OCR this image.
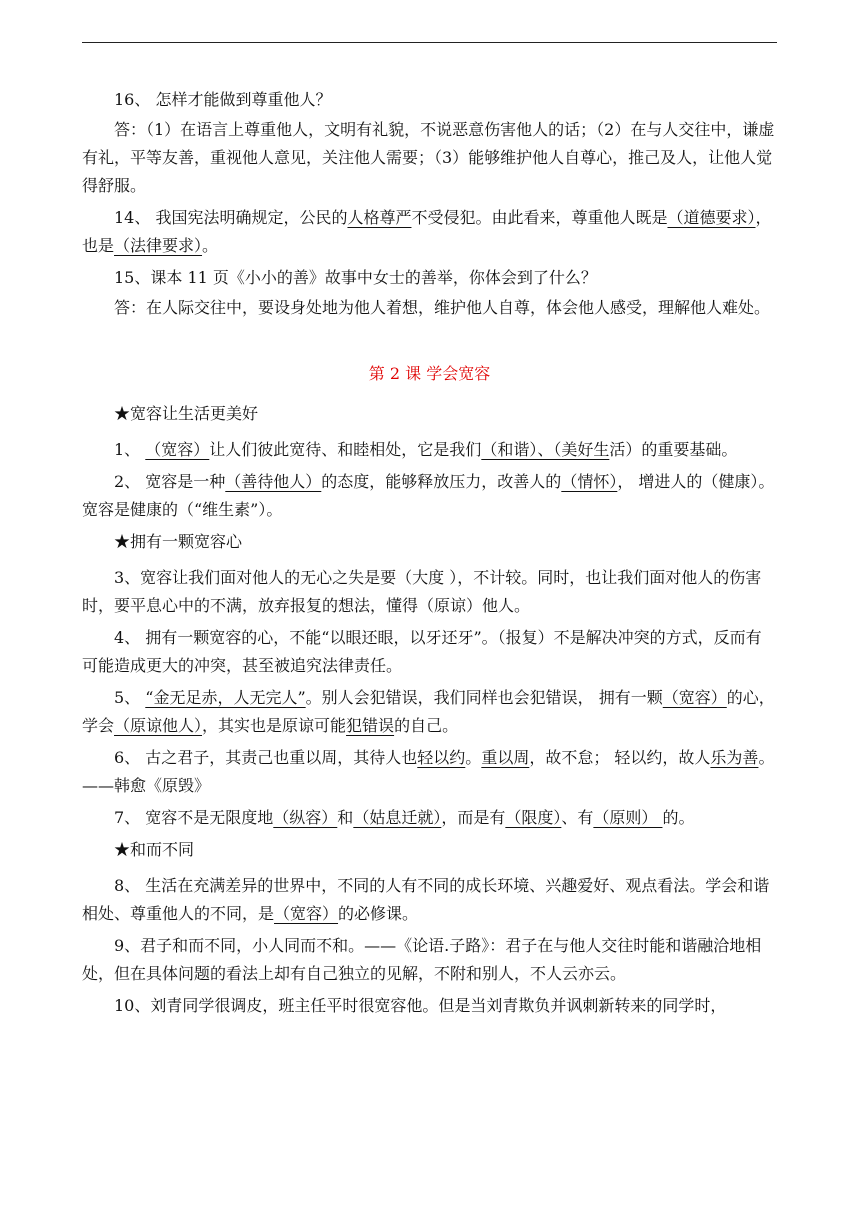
16、 怎样才能做到尊重他人？

答：（1）在语言上尊重他人，文明有礼貌，不说恶意伤害他人的话；（2）在与人交往中，谦虚有礼，平等友善，重视他人意见，关注他人需要；（3）能够维护他人自尊心，推己及人，让他人觉得舒服。

14、 我国宪法明确规定，公民的人格尊严不受侵犯。由此看来，尊重他人既是（道德要求），也是（法律要求）。

15、课本 11 页《小小的善》故事中女士的善举，你体会到了什么？

答：在人际交往中，要设身处地为他人着想，维护他人自尊，体会他人感受，理解他人难处。

第 2 课 学会宽容

★宽容让生活更美好

1、 （宽容）让人们彼此宽待、和睦相处，它是我们（和谐）、（美好生活）的重要基础。

2、 宽容是一种（善待他人）的态度，能够释放压力，改善人的（情怀）， 增进人的（健康）。宽容是健康的（“维生素”）。

★拥有一颗宽容心

3、宽容让我们面对他人的无心之失是要（大度 ），不计较。同时，也让我们面对他人的伤害时，要平息心中的不满，放弃报复的想法，懂得（原谅）他人。

4、 拥有一颗宽容的心，不能“以眼还眼，以牙还牙”。（报复）不是解决冲突的方式，反而有可能造成更大的冲突，甚至被追究法律责任。

5、 “金无足赤，人无完人”。别人会犯错误，我们同样也会犯错误， 拥有一颗（宽容）的心，学会（原谅他人），其实也是原谅可能犯错误的自己。

6、 古之君子，其责己也重以周，其待人也轻以约。重以周，故不怠； 轻以约，故人乐为善。——韩愈《原毁》

7、 宽容不是无限度地（纵容）和（姑息迁就），而是有（限度）、有（原则） 的。

★和而不同

8、 生活在充满差异的世界中，不同的人有不同的成长环境、兴趣爱好、观点看法。学会和谐相处、尊重他人的不同，是（宽容）的必修课。

9、君子和而不同，小人同而不和。——《论语.子路》：君子在与他人交往时能和谐融洽地相处，但在具体问题的看法上却有自己独立的见解，不附和别人，不人云亦云。

10、刘青同学很调皮，班主任平时很宽容他。但是当刘青欺负并讽刺新转来的同学时，
